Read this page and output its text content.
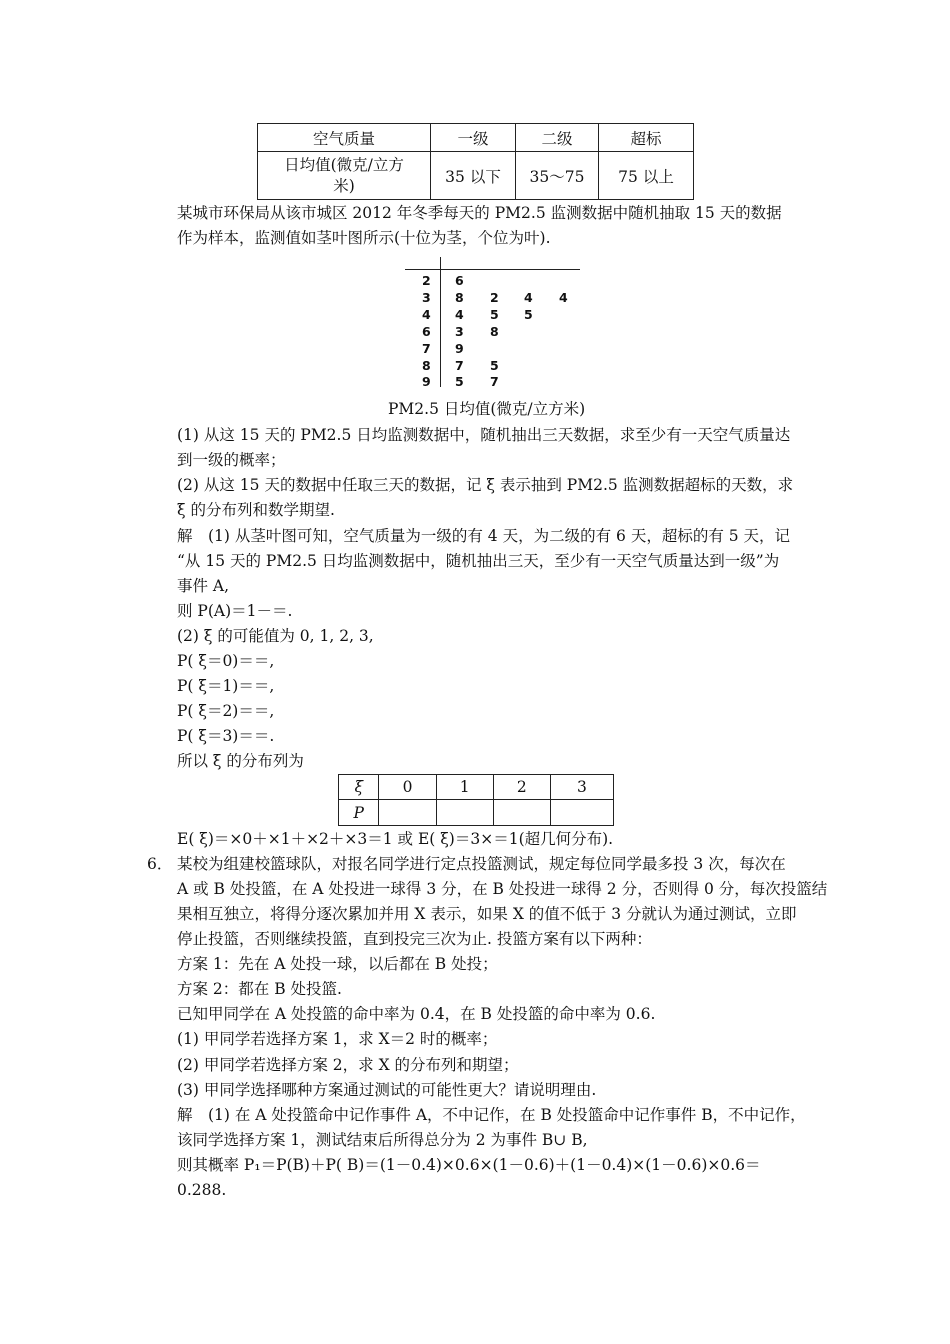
空气质量	一级	二级	超标
日均值(微克/立方
米)	35 以下	35～75	75 以上
某城市环保局从该市城区 2012 年冬季每天的 PM2.5 监测数据中随机抽取 15 天的数据
作为样本，监测值如茎叶图所示(十位为茎，个位为叶).
2 6
3 8 2 4 4
4 4 5 5
6 3 8
7 9
8 7 5
9 5 7
PM2.5 日均值(微克/立方米)
(1) 从这 15 天的 PM2.5 日均监测数据中，随机抽出三天数据，求至少有一天空气质量达
到一级的概率；
(2) 从这 15 天的数据中任取三天的数据，记 ξ 表示抽到 PM2.5 监测数据超标的天数，求
ξ 的分布列和数学期望.
解　(1) 从茎叶图可知，空气质量为一级的有 4 天，为二级的有 6 天，超标的有 5 天，记
“从 15 天的 PM2.5 日均监测数据中，随机抽出三天，至少有一天空气质量达到一级”为
事件 A,
则 P(A)＝1－＝.
(2) ξ 的可能值为 0, 1, 2, 3,
P( ξ＝0)＝＝,
P( ξ＝1)＝＝,
P( ξ＝2)＝＝,
P( ξ＝3)＝＝.
所以 ξ 的分布列为
ξ	0	1	2	3
P				
E( ξ)＝×0＋×1＋×2＋×3＝1 或 E( ξ)＝3×＝1(超几何分布).
6． 某校为组建校篮球队，对报名同学进行定点投篮测试，规定每位同学最多投 3 次，每次在
A 或 B 处投篮，在 A 处投进一球得 3 分，在 B 处投进一球得 2 分，否则得 0 分，每次投篮结
果相互独立，将得分逐次累加并用 X 表示，如果 X 的值不低于 3 分就认为通过测试，立即
停止投篮，否则继续投篮，直到投完三次为止. 投篮方案有以下两种：
方案 1：先在 A 处投一球，以后都在 B 处投；
方案 2：都在 B 处投篮.
已知甲同学在 A 处投篮的命中率为 0.4，在 B 处投篮的命中率为 0.6.
(1) 甲同学若选择方案 1，求 X＝2 时的概率；
(2) 甲同学若选择方案 2，求 X 的分布列和期望；
(3) 甲同学选择哪种方案通过测试的可能性更大？请说明理由.
解　(1) 在 A 处投篮命中记作事件 A，不中记作，在 B 处投篮命中记作事件 B，不中记作，
该同学选择方案 1，测试结束后所得总分为 2 为事件 B∪ B,
则其概率 P₁＝P(B)＋P( B)＝(1－0.4)×0.6×(1－0.6)＋(1－0.4)×(1－0.6)×0.6＝
0.288.
